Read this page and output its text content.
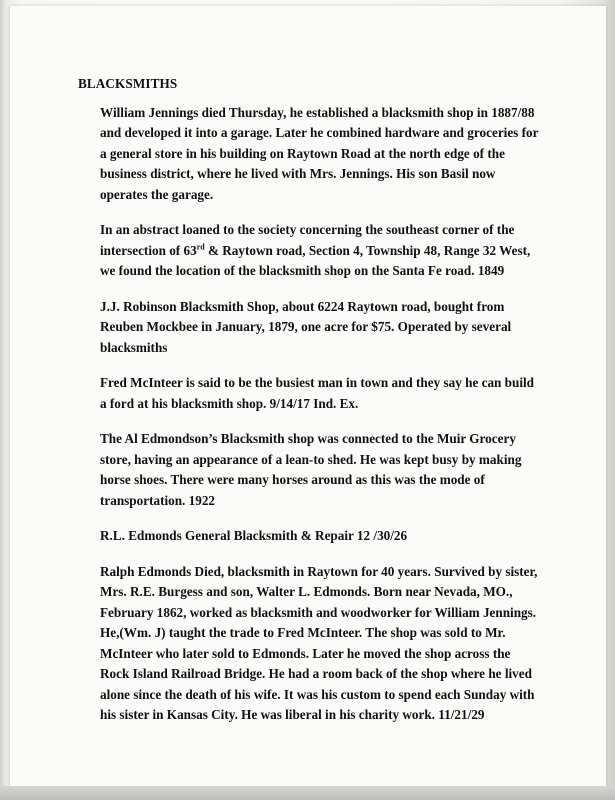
BLACKSMITHS

William Jennings died Thursday, he established a blacksmith shop in 1887/88 and developed it into a garage. Later he combined hardware and groceries for a general store in his building on Raytown Road at the north edge of the business district, where he lived with Mrs. Jennings. His son Basil now operates the garage.

In an abstract loaned to the society concerning the southeast corner of the intersection of 63rd & Raytown road, Section 4, Township 48, Range 32 West, we found the location of the blacksmith shop on the Santa Fe road. 1849

J.J. Robinson Blacksmith Shop, about 6224 Raytown road, bought from Reuben Mockbee in January, 1879, one acre for $75. Operated by several blacksmiths

Fred McInteer is said to be the busiest man in town and they say he can build a ford at his blacksmith shop. 9/14/17 Ind. Ex.

The Al Edmondson’s Blacksmith shop was connected to the Muir Grocery store, having an appearance of a lean-to shed. He was kept busy by making horse shoes. There were many horses around as this was the mode of transportation. 1922

R.L. Edmonds General Blacksmith & Repair 12 /30/26

Ralph Edmonds Died, blacksmith in Raytown for 40 years. Survived by sister, Mrs. R.E. Burgess and son, Walter L. Edmonds. Born near Nevada, MO., February 1862, worked as blacksmith and woodworker for William Jennings. He,(Wm. J) taught the trade to Fred McInteer. The shop was sold to Mr. McInteer who later sold to Edmonds. Later he moved the shop across the Rock Island Railroad Bridge. He had a room back of the shop where he lived alone since the death of his wife. It was his custom to spend each Sunday with his sister in Kansas City. He was liberal in his charity work. 11/21/29
